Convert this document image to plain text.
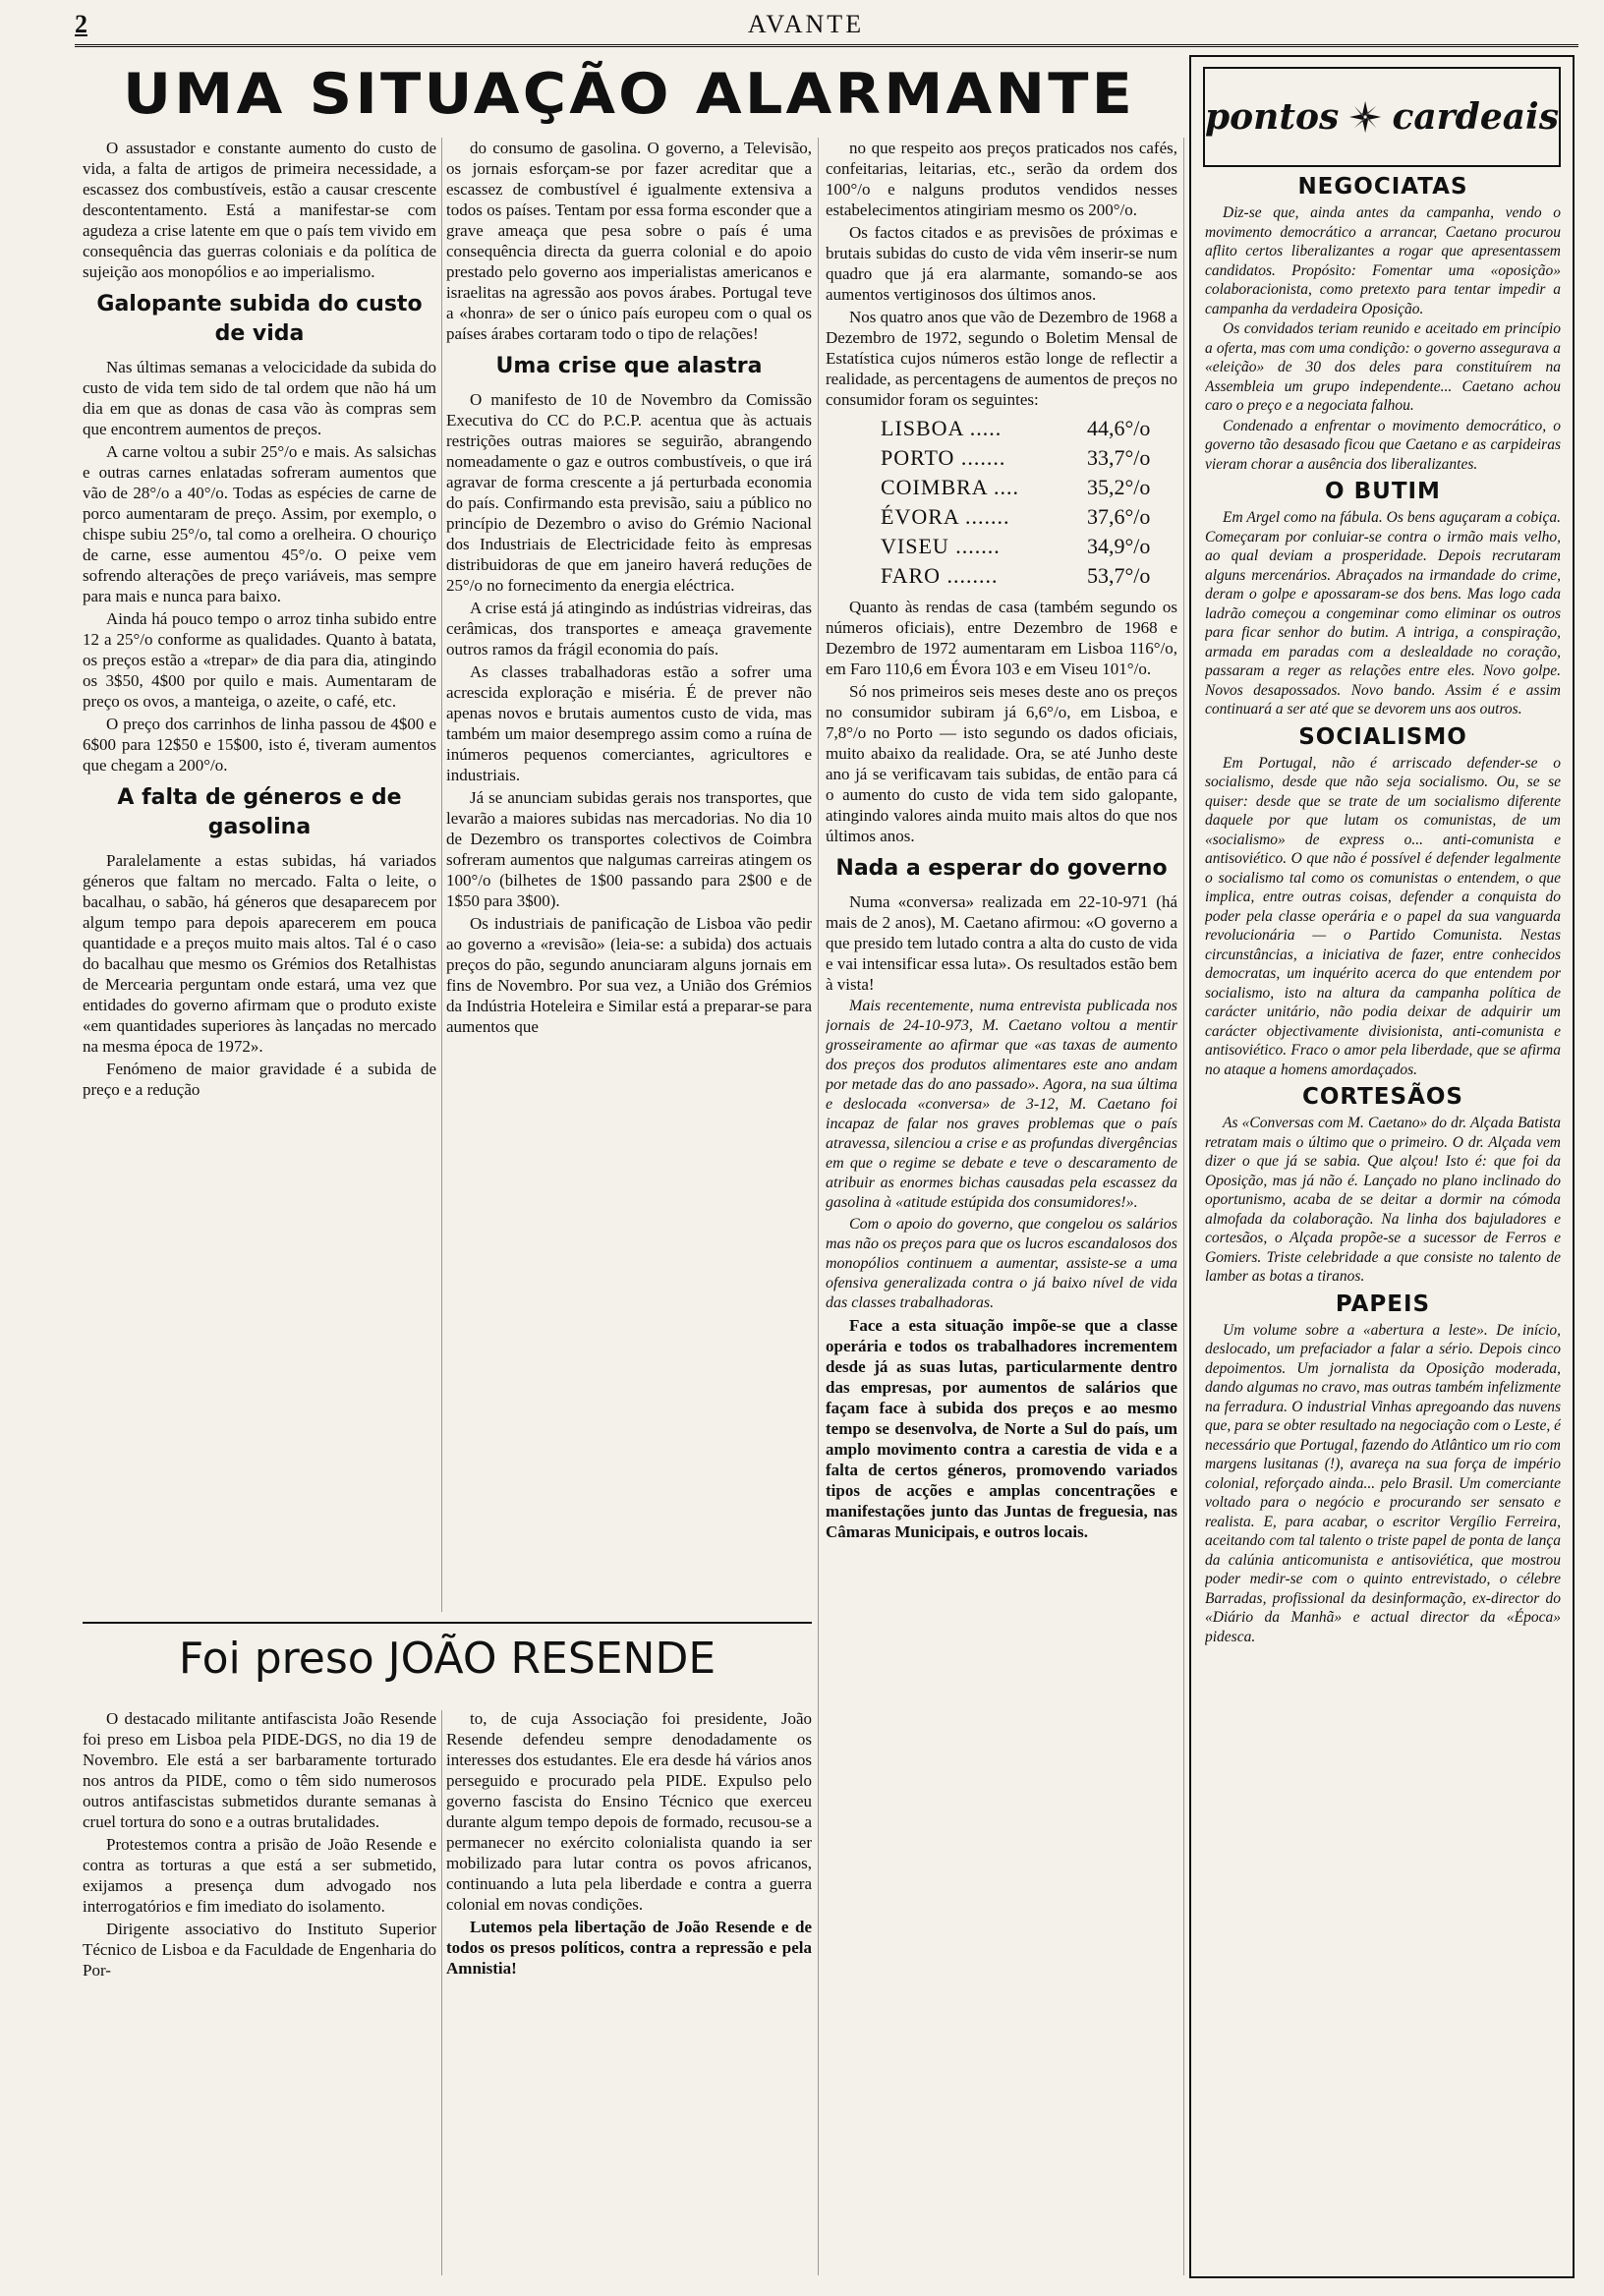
2	AVANTE
UMA SITUAÇÃO ALARMANTE

O assustador e constante aumento do custo de vida, a falta de artigos de primeira necessidade, a escassez dos combustíveis, estão a causar crescente descontentamento. Está a manifestar-se com agudeza a crise latente em que o país tem vivido em consequência das guerras coloniais e da política de sujeição aos monopólios e ao imperialismo.

Galopante subida do custo de vida

Nas últimas semanas a velocicidade da subida do custo de vida tem sido de tal ordem que não há um dia em que as donas de casa vão às compras sem que encontrem aumentos de preços.

A carne voltou a subir 25°/o e mais. As salsichas e outras carnes enlatadas sofreram aumentos que vão de 28°/o a 40°/o. Todas as espécies de carne de porco aumentaram de preço. Assim, por exemplo, o chispe subiu 25°/o, tal como a orelheira. O chouriço de carne, esse aumentou 45°/o. O peixe vem sofrendo alterações de preço variáveis, mas sempre para mais e nunca para baixo.

Ainda há pouco tempo o arroz tinha subido entre 12 a 25°/o conforme as qualidades. Quanto à batata, os preços estão a «trepar» de dia para dia, atingindo os 3$50, 4$00 por quilo e mais. Aumentaram de preço os ovos, a manteiga, o azeite, o café, etc.

O preço dos carrinhos de linha passou de 4$00 e 6$00 para 12$50 e 15$00, isto é, tiveram aumentos que chegam a 200°/o.

A falta de géneros e de gasolina

Paralelamente a estas subidas, há variados géneros que faltam no mercado. Falta o leite, o bacalhau, o sabão, há géneros que desaparecem por algum tempo para depois aparecerem em pouca quantidade e a preços muito mais altos. Tal é o caso do bacalhau que mesmo os Grémios dos Retalhistas de Mercearia perguntam onde estará, uma vez que entidades do governo afirmam que o produto existe «em quantidades superiores às lançadas no mercado na mesma época de 1972».

Fenómeno de maior gravidade é a subida de preço e a redução

do consumo de gasolina. O governo, a Televisão, os jornais esforçam-se por fazer acreditar que a escassez de combustível é igualmente extensiva a todos os países. Tentam por essa forma esconder que a grave ameaça que pesa sobre o país é uma consequência directa da guerra colonial e do apoio prestado pelo governo aos imperialistas americanos e israelitas na agressão aos povos árabes. Portugal teve a «honra» de ser o único país europeu com o qual os países árabes cortaram todo o tipo de relações!

Uma crise que alastra

O manifesto de 10 de Novembro da Comissão Executiva do CC do P.C.P. acentua que às actuais restrições outras maiores se seguirão, abrangendo nomeadamente o gaz e outros combustíveis, o que irá agravar de forma crescente a já perturbada economia do país. Confirmando esta previsão, saiu a público no princípio de Dezembro o aviso do Grémio Nacional dos Industriais de Electricidade feito às empresas distribuidoras de que em janeiro haverá reduções de 25°/o no fornecimento da energia eléctrica.

A crise está já atingindo as indústrias vidreiras, das cerâmicas, dos transportes e ameaça gravemente outros ramos da frágil economia do país.

As classes trabalhadoras estão a sofrer uma acrescida exploração e miséria. É de prever não apenas novos e brutais aumentos custo de vida, mas também um maior desemprego assim como a ruína de inúmeros pequenos comerciantes, agricultores e industriais.

Já se anunciam subidas gerais nos transportes, que levarão a maiores subidas nas mercadorias. No dia 10 de Dezembro os transportes colectivos de Coimbra sofreram aumentos que nalgumas carreiras atingem os 100°/o (bilhetes de 1$00 passando para 2$00 e de 1$50 para 3$00).

Os industriais de panificação de Lisboa vão pedir ao governo a «revisão» (leia-se: a subida) dos actuais preços do pão, segundo anunciaram alguns jornais em fins de Novembro. Por sua vez, a União dos Grémios da Indústria Hoteleira e Similar está a preparar-se para aumentos que

no que respeito aos preços praticados nos cafés, confeitarias, leitarias, etc., serão da ordem dos 100°/o e nalguns produtos vendidos nesses estabelecimentos atingiriam mesmo os 200°/o.

Os factos citados e as previsões de próximas e brutais subidas do custo de vida vêm inserir-se num quadro que já era alarmante, somando-se aos aumentos vertiginosos dos últimos anos.

Nos quatro anos que vão de Dezembro de 1968 a Dezembro de 1972, segundo o Boletim Mensal de Estatística cujos números estão longe de reflectir a realidade, as percentagens de aumentos de preços no consumidor foram os seguintes:

LISBOA .....	44,6°/o
PORTO .......	33,7°/o
COIMBRA ....	35,2°/o
ÉVORA .......	37,6°/o
VISEU .......	34,9°/o
FARO ........	53,7°/o

Quanto às rendas de casa (também segundo os números oficiais), entre Dezembro de 1968 e Dezembro de 1972 aumentaram em Lisboa 116°/o, em Faro 110,6 em Évora 103 e em Viseu 101°/o.

Só nos primeiros seis meses deste ano os preços no consumidor subiram já 6,6°/o, em Lisboa, e 7,8°/o no Porto — isto segundo os dados oficiais, muito abaixo da realidade. Ora, se até Junho deste ano já se verificavam tais subidas, de então para cá o aumento do custo de vida tem sido galopante, atingindo valores ainda muito mais altos do que nos últimos anos.

Nada a esperar do governo

Numa «conversa» realizada em 22-10-971 (há mais de 2 anos), M. Caetano afirmou: «O governo a que presido tem lutado contra a alta do custo de vida e vai intensificar essa luta». Os resultados estão bem à vista!

Mais recentemente, numa entrevista publicada nos jornais de 24-10-973, M. Caetano voltou a mentir grosseiramente ao afirmar que «as taxas de aumento dos preços dos produtos alimentares este ano andam por metade das do ano passado». Agora, na sua última e deslocada «conversa» de 3-12, M. Caetano foi incapaz de falar nos graves problemas que o país atravessa, silenciou a crise e as profundas divergências em que o regime se debate e teve o descaramento de atribuir as enormes bichas causadas pela escassez da gasolina à «atitude estúpida dos consumidores!».

Com o apoio do governo, que congelou os salários mas não os preços para que os lucros escandalosos dos monopólios continuem a aumentar, assiste-se a uma ofensiva generalizada contra o já baixo nível de vida das classes trabalhadoras.

Face a esta situação impõe-se que a classe operária e todos os trabalhadores incrementem desde já as suas lutas, particularmente dentro das empresas, por aumentos de salários que façam face à subida dos preços e ao mesmo tempo se desenvolva, de Norte a Sul do país, um amplo movimento contra a carestia de vida e a falta de certos géneros, promovendo variados tipos de acções e amplas concentrações e manifestações junto das Juntas de freguesia, nas Câmaras Municipais, e outros locais.

Foi preso JOÃO RESENDE

O destacado militante antifascista João Resende foi preso em Lisboa pela PIDE-DGS, no dia 19 de Novembro. Ele está a ser barbaramente torturado nos antros da PIDE, como o têm sido numerosos outros antifascistas submetidos durante semanas à cruel tortura do sono e a outras brutalidades.

Protestemos contra a prisão de João Resende e contra as torturas a que está a ser submetido, exijamos a presença dum advogado nos interrogatórios e fim imediato do isolamento.

Dirigente associativo do Instituto Superior Técnico de Lisboa e da Faculdade de Engenharia do Por-

to, de cuja Associação foi presidente, João Resende defendeu sempre denodadamente os interesses dos estudantes. Ele era desde há vários anos perseguido e procurado pela PIDE. Expulso pelo governo fascista do Ensino Técnico que exerceu durante algum tempo depois de formado, recusou-se a permanecer no exército colonialista quando ia ser mobilizado para lutar contra os povos africanos, continuando a luta pela liberdade e contra a guerra colonial em novas condições.

Lutemos pela libertação de João Resende e de todos os presos políticos, contra a repressão e pela Amnistia!

pontos cardeais
NEGOCIATAS

Diz-se que, ainda antes da campanha, vendo o movimento democrático a arrancar, Caetano procurou aflito certos liberalizantes a rogar que apresentassem candidatos. Propósito: Fomentar uma «oposição» colaboracionista, como pretexto para tentar impedir a campanha da verdadeira Oposição.

Os convidados teriam reunido e aceitado em princípio a oferta, mas com uma condição: o governo assegurava a «eleição» de 30 dos deles para constituírem na Assembleia um grupo independente... Caetano achou caro o preço e a negociata falhou.

Condenado a enfrentar o movimento democrático, o governo tão desasado ficou que Caetano e as carpideiras vieram chorar a ausência dos liberalizantes.

O BUTIM

Em Argel como na fábula. Os bens aguçaram a cobiça. Começaram por conluiar-se contra o irmão mais velho, ao qual deviam a prosperidade. Depois recrutaram alguns mercenários. Abraçados na irmandade do crime, deram o golpe e apossaram-se dos bens. Mas logo cada ladrão começou a congeminar como eliminar os outros para ficar senhor do butim. A intriga, a conspiração, armada em paradas com a deslealdade no coração, passaram a reger as relações entre eles. Novo golpe. Novos desapossados. Novo bando. Assim é e assim continuará a ser até que se devorem uns aos outros.

SOCIALISMO

Em Portugal, não é arriscado defender-se o socialismo, desde que não seja socialismo. Ou, se se quiser: desde que se trate de um socialismo diferente daquele por que lutam os comunistas, de um «socialismo» de express o... anti-comunista e antisoviético. O que não é possível é defender legalmente o socialismo tal como os comunistas o entendem, o que implica, entre outras coisas, defender a conquista do poder pela classe operária e o papel da sua vanguarda revolucionária — o Partido Comunista. Nestas circunstâncias, a iniciativa de fazer, entre conhecidos democratas, um inquérito acerca do que entendem por socialismo, isto na altura da campanha política de carácter unitário, não podia deixar de adquirir um carácter objectivamente divisionista, anti-comunista e antisoviético. Fraco o amor pela liberdade, que se afirma no ataque a homens amordaçados.

CORTESÃOS

As «Conversas com M. Caetano» do dr. Alçada Batista retratam mais o último que o primeiro. O dr. Alçada vem dizer o que já se sabia. Que alçou! Isto é: que foi da Oposição, mas já não é. Lançado no plano inclinado do oportunismo, acaba de se deitar a dormir na cómoda almofada da colaboração. Na linha dos bajuladores e cortesãos, o Alçada propõe-se a sucessor de Ferros e Gomiers. Triste celebridade a que consiste no talento de lamber as botas a tiranos.

PAPEIS

Um volume sobre a «abertura a leste». De início, deslocado, um prefaciador a falar a sério. Depois cinco depoimentos. Um jornalista da Oposição moderada, dando algumas no cravo, mas outras também infelizmente na ferradura. O industrial Vinhas apregoando das nuvens que, para se obter resultado na negociação com o Leste, é necessário que Portugal, fazendo do Atlântico um rio com margens lusitanas (!), avareça na sua força de império colonial, reforçado ainda... pelo Brasil. Um comerciante voltado para o negócio e procurando ser sensato e realista. E, para acabar, o escritor Vergílio Ferreira, aceitando com tal talento o triste papel de ponta de lança da calúnia anticomunista e antisoviética, que mostrou poder medir-se com o quinto entrevistado, o célebre Barradas, profissional da desinformação, ex-director do «Diário da Manhã» e actual director da «Época» pidesca.
